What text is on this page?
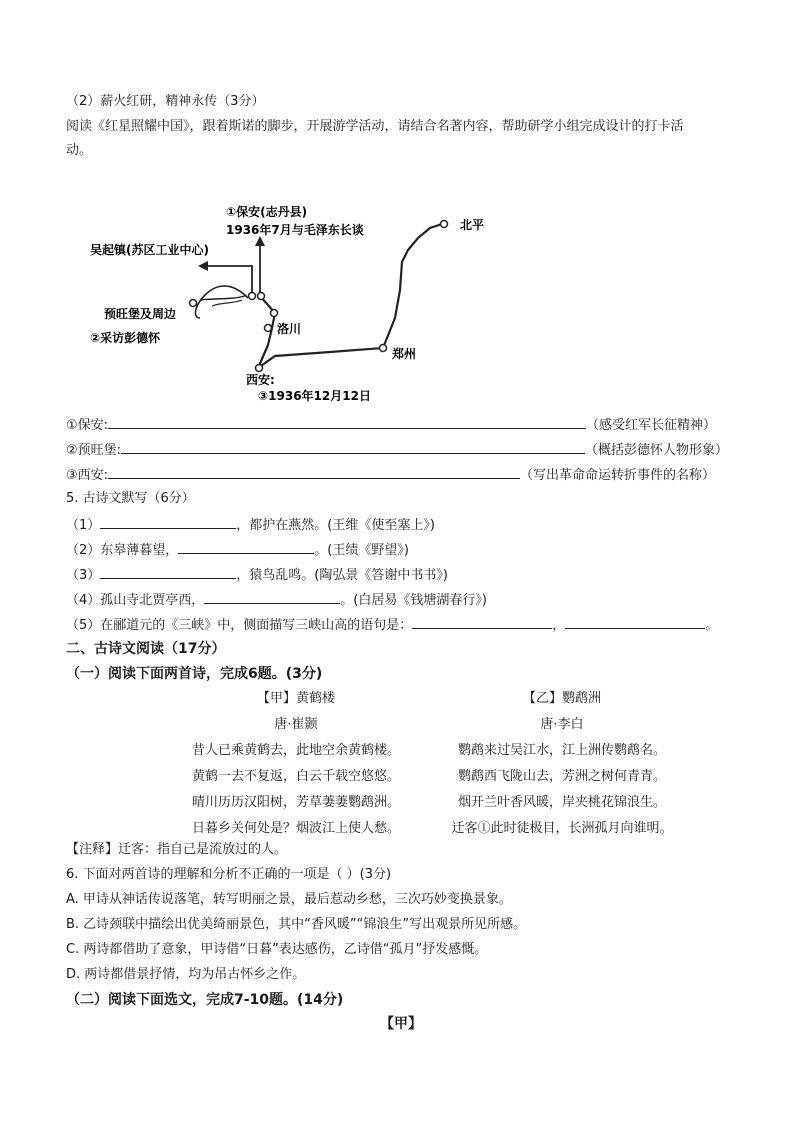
（2）薪火红研，精神永传（3分）
阅读《红星照耀中国》，跟着斯诺的脚步，开展游学活动，请结合名著内容，帮助研学小组完成设计的打卡活
动。
①保安(志丹县)
1936年7月与毛泽东长谈
吴起镇(苏区工业中心)
预旺堡及周边
②采访彭德怀
洛川
郑州
北平
西安:
③1936年12月12日
①保安:	（感受红军长征精神）
②预旺堡:	（概括彭德怀人物形象）
③西安:	（写出革命命运转折事件的名称）
5. 古诗文默写（6分）
（1）	，都护在燕然。(王维《使至塞上》)
（2）东皋薄暮望，	。(王绩《野望》)
（3）	，猿鸟乱鸣。(陶弘景《答谢中书书》)
（4）孤山寺北贾亭西，	。(白居易《钱塘湖春行》)
（5）在郦道元的《三峡》中，侧面描写三峡山高的语句是：	，	。
二、古诗文阅读（17分）
（一）阅读下面两首诗，完成6题。(3分)
【甲】黄鹤楼
唐·崔颢
昔人已乘黄鹤去，此地空余黄鹤楼。
黄鹤一去不复返，白云千载空悠悠。
晴川历历汉阳树，芳草萋萋鹦鹉洲。
日暮乡关何处是？烟波江上使人愁。
【乙】鹦鹉洲
唐·李白
鹦鹉来过吴江水，江上洲传鹦鹉名。
鹦鹉西飞陇山去，芳洲之树何青青。
烟开兰叶香风暖，岸夹桃花锦浪生。
迁客①此时徒极目，长洲孤月向谁明。
【注释】迁客：指自己是流放过的人。
6. 下面对两首诗的理解和分析不正确的一项是（ ）(3分)
A. 甲诗从神话传说落笔，转写明丽之景，最后惹动乡愁，三次巧妙变换景象。
B. 乙诗颈联中描绘出优美绮丽景色，其中“香风暖”“锦浪生”写出观景所见所感。
C. 两诗都借助了意象，甲诗借“日暮”表达感伤，乙诗借“孤月”抒发感慨。
D. 两诗都借景抒情，均为吊古怀乡之作。
（二）阅读下面选文，完成7-10题。(14分)
【甲】
